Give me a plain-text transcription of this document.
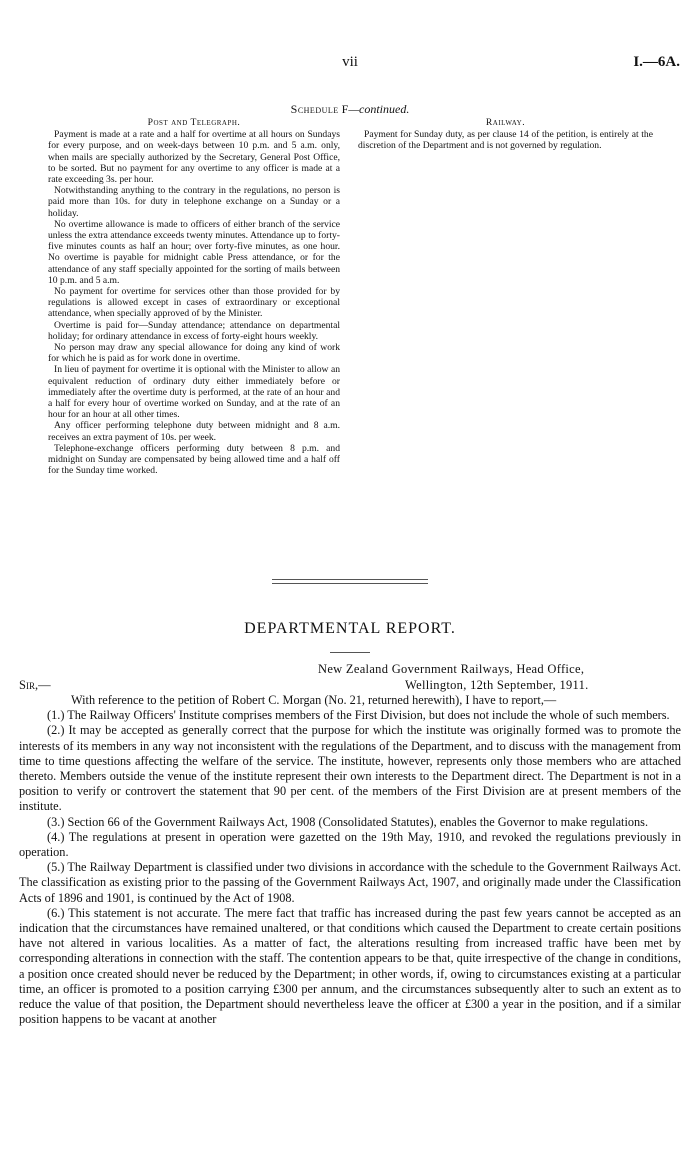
vii	I.—6A.
Schedule F—continued.
Post and Telegraph.

Payment is made at a rate and a half for overtime at all hours on Sundays for every purpose, and on week-days between 10 p.m. and 5 a.m. only, when mails are specially authorized by the Secretary, General Post Office, to be sorted. But no payment for any overtime to any officer is made at a rate exceeding 3s. per hour.

Notwithstanding anything to the contrary in the regulations, no person is paid more than 10s. for duty in telephone exchange on a Sunday or a holiday.

No overtime allowance is made to officers of either branch of the service unless the extra attendance exceeds twenty minutes. Attendance up to forty-five minutes counts as half an hour; over forty-five minutes, as one hour. No overtime is payable for midnight cable Press attendance, or for the attendance of any staff specially appointed for the sorting of mails between 10 p.m. and 5 a.m.

No payment for overtime for services other than those provided for by regulations is allowed except in cases of extraordinary or exceptional attendance, when specially approved of by the Minister.

Overtime is paid for—Sunday attendance; attendance on departmental holiday; for ordinary attendance in excess of forty-eight hours weekly.

No person may draw any special allowance for doing any kind of work for which he is paid as for work done in overtime.

In lieu of payment for overtime it is optional with the Minister to allow an equivalent reduction of ordinary duty either immediately before or immediately after the overtime duty is performed, at the rate of an hour and a half for every hour of overtime worked on Sunday, and at the rate of an hour for an hour at all other times.

Any officer performing telephone duty between midnight and 8 a.m. receives an extra payment of 10s. per week.

Telephone-exchange officers performing duty between 8 p.m. and midnight on Sunday are compensated by being allowed time and a half off for the Sunday time worked.

Railway.

Payment for Sunday duty, as per clause 14 of the petition, is entirely at the discretion of the Department and is not governed by regulation.

DEPARTMENTAL REPORT.
New Zealand Government Railways, Head Office,
Wellington, 12th September, 1911.
Sir,—

With reference to the petition of Robert C. Morgan (No. 21, returned herewith), I have to report,—

(1.) The Railway Officers' Institute comprises members of the First Division, but does not include the whole of such members.

(2.) It may be accepted as generally correct that the purpose for which the institute was originally formed was to promote the interests of its members in any way not inconsistent with the regulations of the Department, and to discuss with the management from time to time questions affecting the welfare of the service. The institute, however, represents only those members who are attached thereto. Members outside the venue of the institute represent their own interests to the Department direct. The Department is not in a position to verify or controvert the statement that 90 per cent. of the members of the First Division are at present members of the institute.

(3.) Section 66 of the Government Railways Act, 1908 (Consolidated Statutes), enables the Governor to make regulations.

(4.) The regulations at present in operation were gazetted on the 19th May, 1910, and revoked the regulations previously in operation.

(5.) The Railway Department is classified under two divisions in accordance with the schedule to the Government Railways Act. The classification as existing prior to the passing of the Government Railways Act, 1907, and originally made under the Classification Acts of 1896 and 1901, is continued by the Act of 1908.

(6.) This statement is not accurate. The mere fact that traffic has increased during the past few years cannot be accepted as an indication that the circumstances have remained unaltered, or that conditions which caused the Department to create certain positions have not altered in various localities. As a matter of fact, the alterations resulting from increased traffic have been met by corresponding alterations in connection with the staff. The contention appears to be that, quite irrespective of the change in conditions, a position once created should never be reduced by the Department; in other words, if, owing to circumstances existing at a particular time, an officer is promoted to a position carrying £300 per annum, and the circumstances subsequently alter to such an extent as to reduce the value of that position, the Department should nevertheless leave the officer at £300 a year in the position, and if a similar position happens to be vacant at another
